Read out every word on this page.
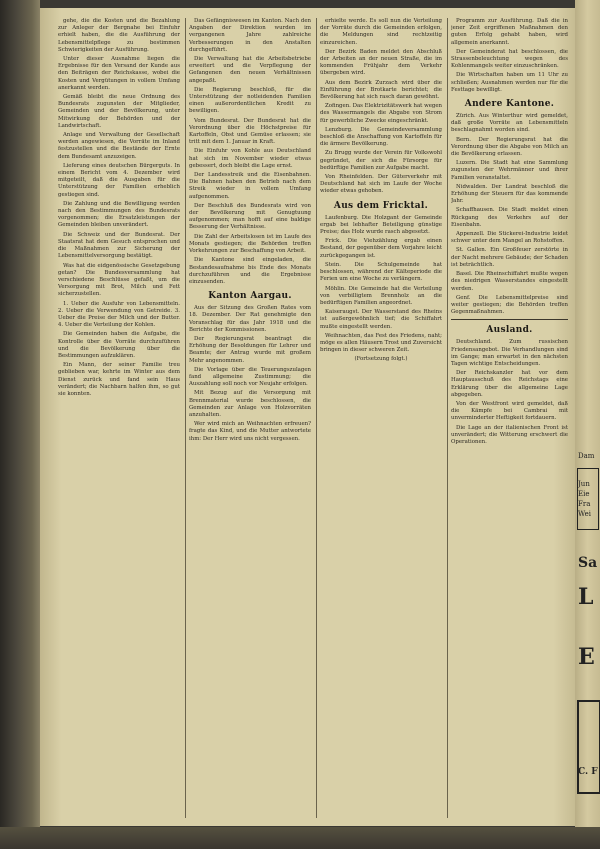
gehe, die die Kosten und die Bezahlung zur Anleger der Bergnahe bei Einfuhr erhielt haben, die die Ausführung der Lebensmittelpflege zu bestimmen Schwierigkeiten der Ausführung.

Unter dieser Ausnahme liegen die Ergebnisse für den Versand der Kunde aus den Beiträgen der Reichskasse, wobei die Kosten und Vergütungen in vollem Umfang anerkannt werden.

Gemäß bleibt die neue Ordnung des Bundesrats zugunsten der Mitglieder, Gemeinden und der Bevölkerung, unter Mitwirkung der Behörden und der Landwirtschaft.

Anlage und Verwaltung der Gesellschaft werden angewiesen, die Vorräte im Inland festzustellen und die Bestände der Ernte dem Bundesamt anzuzeigen.

Lieferung eines deutschen Bürgerguts. In einem Bericht vom 4. Dezember wird mitgeteilt, daß die Ausgaben für die Unterstützung der Familien erheblich gestiegen sind.

Die Zahlung und die Bewilligung werden nach den Bestimmungen des Bundesrats vorgenommen; die Ersatzleistungen der Gemeinden bleiben unverändert.

Die Schweiz und der Bundesrat. Der Staatsrat hat dem Gesuch entsprochen und die Maßnahmen zur Sicherung der Lebensmittelversorgung bestätigt.

Was hat die eidgenössische Gesetzgebung getan? Die Bundesversammlung hat verschiedene Beschlüsse gefaßt, um die Versorgung mit Brot, Milch und Fett sicherzustellen.

1. Ueber die Ausfuhr von Lebensmitteln. 2. Ueber die Verwendung von Getreide. 3. Ueber die Preise der Milch und der Butter. 4. Ueber die Verteilung der Kohlen.

Die Gemeinden haben die Aufgabe, die Kontrolle über die Vorräte durchzuführen und die Bevölkerung über die Bestimmungen aufzuklären.

Ein Mann, der seiner Familie treu geblieben war, kehrte im Winter aus dem Dienst zurück und fand sein Haus verändert; die Nachbarn halfen ihm, so gut sie konnten.

Das Gefängniswesen im Kanton. Nach den Angaben der Direktion wurden im vergangenen Jahre zahlreiche Verbesserungen in den Anstalten durchgeführt.

Die Verwaltung hat die Arbeitsbetriebe erweitert und die Verpflegung der Gefangenen den neuen Verhältnissen angepaßt.

Die Regierung beschloß, für die Unterstützung der notleidenden Familien einen außerordentlichen Kredit zu bewilligen.

Vom Bundesrat. Der Bundesrat hat die Verordnung über die Höchstpreise für Kartoffeln, Obst und Gemüse erlassen; sie tritt mit dem 1. Januar in Kraft.

Die Einfuhr von Kohle aus Deutschland hat sich im November wieder etwas gebessert, doch bleibt die Lage ernst.

Der Landesstreik und die Eisenbahnen. Die Bahnen haben den Betrieb nach dem Streik wieder in vollem Umfang aufgenommen.

Der Beschluß des Bundesrats wird von der Bevölkerung mit Genugtuung aufgenommen; man hofft auf eine baldige Besserung der Verhältnisse.

Die Zahl der Arbeitslosen ist im Laufe des Monats gestiegen; die Behörden treffen Vorkehrungen zur Beschaffung von Arbeit.

Die Kantone sind eingeladen, die Bestandesaufnahme bis Ende des Monats durchzuführen und die Ergebnisse einzusenden.

Kanton Aargau.

Aus der Sitzung des Großen Rates vom 18. Dezember. Der Rat genehmigte den Voranschlag für das Jahr 1918 und die Berichte der Kommissionen.

Der Regierungsrat beantragt die Erhöhung der Besoldungen für Lehrer und Beamte; der Antrag wurde mit großem Mehr angenommen.

Die Vorlage über die Teuerungszulagen fand allgemeine Zustimmung; die Auszahlung soll noch vor Neujahr erfolgen.

Mit Bezug auf die Versorgung mit Brennmaterial wurde beschlossen, die Gemeinden zur Anlage von Holzvorräten anzuhalten.

Wer wird mich an Weihnachten erfreuen? fragte das Kind, und die Mutter antwortete ihm: Der Herr wird uns nicht vergessen.

erhielte werde. Es soll nun die Verteilung der Vorräte durch die Gemeinden erfolgen, die Meldungen sind rechtzeitig einzureichen.

Der Bezirk Baden meldet den Abschluß der Arbeiten an der neuen Straße, die im kommenden Frühjahr dem Verkehr übergeben wird.

Aus dem Bezirk Zurzach wird über die Einführung der Brotkarte berichtet; die Bevölkerung hat sich rasch daran gewöhnt.

Zofingen. Das Elektrizitätswerk hat wegen des Wassermangels die Abgabe von Strom für gewerbliche Zwecke eingeschränkt.

Lenzburg. Die Gemeindeversammlung beschloß die Anschaffung von Kartoffeln für die ärmere Bevölkerung.

Zu Brugg wurde der Verein für Volkswohl gegründet, der sich die Fürsorge für bedürftige Familien zur Aufgabe macht.

Von Rheinfelden. Der Güterverkehr mit Deutschland hat sich im Laufe der Woche wieder etwas gehoben.

Aus dem Fricktal.

Laufenburg. Die Holzgant der Gemeinde ergab bei lebhafter Beteiligung günstige Preise; das Holz wurde rasch abgesetzt.

Frick. Die Viehzählung ergab einen Bestand, der gegenüber dem Vorjahre leicht zurückgegangen ist.

Stein. Die Schulgemeinde hat beschlossen, während der Kälteperiode die Ferien um eine Woche zu verlängern.

Möhlin. Die Gemeinde hat die Verteilung von verbilligtem Brennholz an die bedürftigen Familien angeordnet.

Kaiseraugst. Der Wasserstand des Rheins ist außergewöhnlich tief; die Schiffahrt mußte eingestellt werden.

Weihnachten, das Fest des Friedens, naht; möge es allen Häusern Trost und Zuversicht bringen in dieser schweren Zeit.

(Fortsetzung folgt.)

Programm zur Ausführung. Daß die in jener Zeit ergriffenen Maßnahmen den guten Erfolg gehabt haben, wird allgemein anerkannt.

Der Gemeinderat hat beschlossen, die Strassenbeleuchtung wegen des Kohlenmangels weiter einzuschränken.

Die Wirtschaften haben um 11 Uhr zu schließen; Ausnahmen werden nur für die Festtage bewilligt.

Andere Kantone.

Zürich. Aus Winterthur wird gemeldet, daß große Vorräte an Lebensmitteln beschlagnahmt worden sind.

Bern. Der Regierungsrat hat die Verordnung über die Abgabe von Milch an die Bevölkerung erlassen.

Luzern. Die Stadt hat eine Sammlung zugunsten der Wehrmänner und ihrer Familien veranstaltet.

Nidwalden. Der Landrat beschloß die Erhöhung der Steuern für das kommende Jahr.

Schaffhausen. Die Stadt meldet einen Rückgang des Verkehrs auf der Eisenbahn.

Appenzell. Die Stickerei-Industrie leidet schwer unter dem Mangel an Rohstoffen.

St. Gallen. Ein Großfeuer zerstörte in der Nacht mehrere Gebäude; der Schaden ist beträchtlich.

Basel. Die Rheinschiffahrt mußte wegen des niedrigen Wasserstandes eingestellt werden.

Genf. Die Lebensmittelpreise sind weiter gestiegen; die Behörden treffen Gegenmaßnahmen.

Ausland.

Deutschland. Zum russischen Friedensangebot. Die Verhandlungen sind im Gange; man erwartet in den nächsten Tagen wichtige Entscheidungen.

Der Reichskanzler hat vor dem Hauptausschuß des Reichstags eine Erklärung über die allgemeine Lage abgegeben.

Von der Westfront wird gemeldet, daß die Kämpfe bei Cambrai mit unverminderter Heftigkeit fortdauern.

Die Lage an der italienischen Front ist unverändert; die Witterung erschwert die Operationen.

Dam
Jun
Eie
Fra
Wei
Sa
L
E
C. F
